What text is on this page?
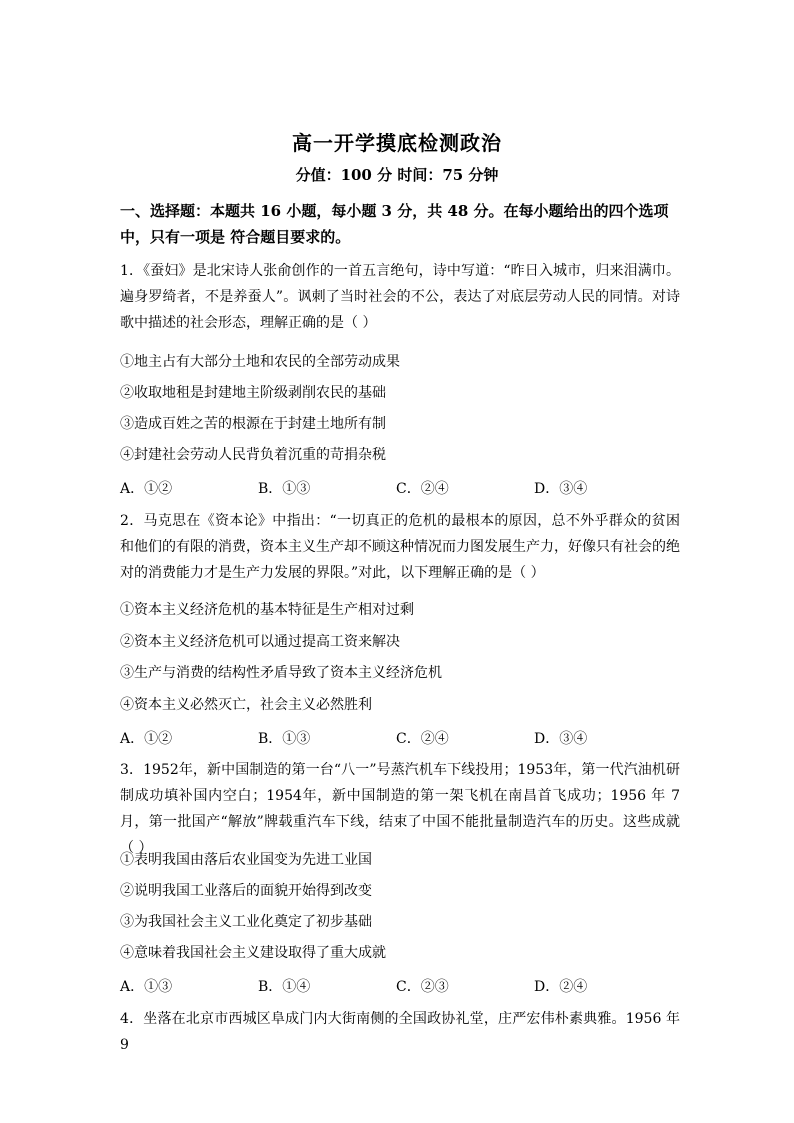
高一开学摸底检测政治
分值：100 分 时间：75 分钟
一、选择题：本题共 16 小题，每小题 3 分，共 48 分。在每小题给出的四个选项中，只有一项是 符合题目要求的。
1．《蚕妇》是北宋诗人张俞创作的一首五言绝句，诗中写道：“昨日入城市，归来泪满巾。遍身罗绮者，不是养蚕人”。讽刺了当时社会的不公，表达了对底层劳动人民的同情。对诗歌中描述的社会形态，理解正确的是（ ）
①地主占有大部分土地和农民的全部劳动成果
②收取地租是封建地主阶级剥削农民的基础
③造成百姓之苦的根源在于封建土地所有制
④封建社会劳动人民背负着沉重的苛捐杂税
A．①②	B．①③	C．②④	D．③④
2．马克思在《资本论》中指出：“一切真正的危机的最根本的原因，总不外乎群众的贫困和他们的有限的消费，资本主义生产却不顾这种情况而力图发展生产力，好像只有社会的绝对的消费能力才是生产力发展的界限。”对此，以下理解正确的是（ ）
①资本主义经济危机的基本特征是生产相对过剩
②资本主义经济危机可以通过提高工资来解决
③生产与消费的结构性矛盾导致了资本主义经济危机
④资本主义必然灭亡，社会主义必然胜利
A．①②	B．①③	C．②④	D．③④
3．1952年，新中国制造的第一台“八一”号蒸汽机车下线投用；1953年，第一代汽油机研制成功填补国内空白；1954年，新中国制造的第一架飞机在南昌首飞成功；1956 年 7 月，第一批国产“解放”牌载重汽车下线，结束了中国不能批量制造汽车的历史。这些成就（ ）
①表明我国由落后农业国变为先进工业国
②说明我国工业落后的面貌开始得到改变
③为我国社会主义工业化奠定了初步基础
④意味着我国社会主义建设取得了重大成就
A．①③	B．①④	C．②③	D．②④
4．坐落在北京市西城区阜成门内大街南侧的全国政协礼堂，庄严宏伟朴素典雅。1956 年 9
